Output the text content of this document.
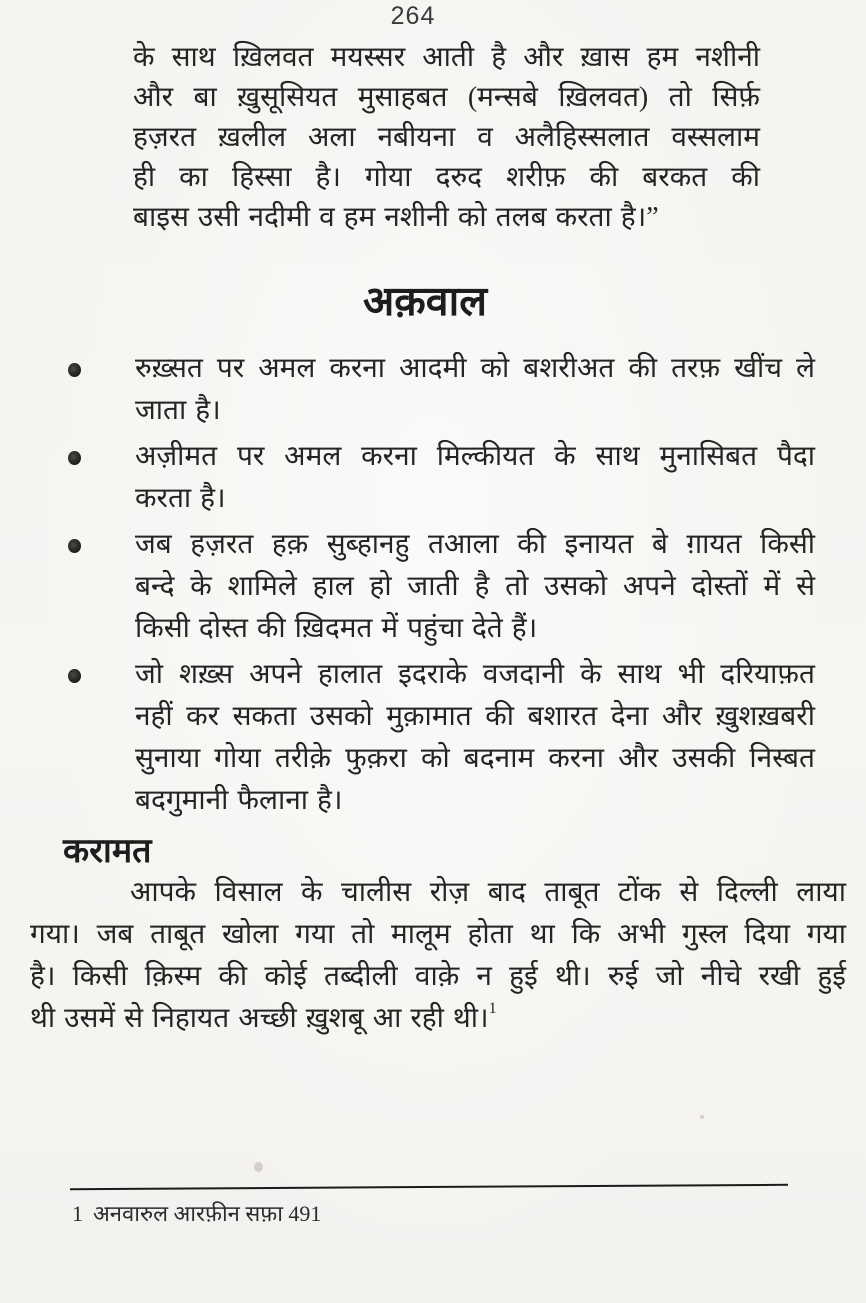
264
के साथ ख़िलवत मयस्सर आती है और ख़ास हम नशीनी
और बा ख़ुसूसियत मुसाहबत (मन्सबे ख़िलवत) तो सिर्फ़
हज़रत ख़लील अला नबीयना व अलैहिस्सलात वस्सलाम
ही का हिस्सा है। गोया दरुद शरीफ़ की बरकत की
बाइस उसी नदीमी व हम नशीनी को तलब करता है।”
अक़वाल
रुख़्सत पर अमल करना आदमी को बशरीअत की तरफ़ खींच ले
जाता है।
अज़ीमत पर अमल करना मिल्कीयत के साथ मुनासिबत पैदा
करता है।
जब हज़रत हक़ सुब्हानहु तआला की इनायत बे ग़ायत किसी
बन्दे के शामिले हाल हो जाती है तो उसको अपने दोस्तों में से
किसी दोस्त की ख़िदमत में पहुंचा देते हैं।
जो शख़्स अपने हालात इदराके वजदानी के साथ भी दरियाफ़त
नहीं कर सकता उसको मुक़ामात की बशारत देना और ख़ुशख़बरी
सुनाया गोया तरीक़े फुक़रा को बदनाम करना और उसकी निस्बत
बदगुमानी फैलाना है।
करामत
आपके विसाल के चालीस रोज़ बाद ताबूत टोंक से दिल्ली लाया
गया। जब ताबूत खोला गया तो मालूम होता था कि अभी गुस्ल दिया गया
है। किसी क़िस्म की कोई तब्दीली वाक़े न हुई थी। रुई जो नीचे रखी हुई
थी उसमें से निहायत अच्छी ख़ुशबू आ रही थी।$^1$
1 अनवारुल आरफ़ीन सफ़ा 491
